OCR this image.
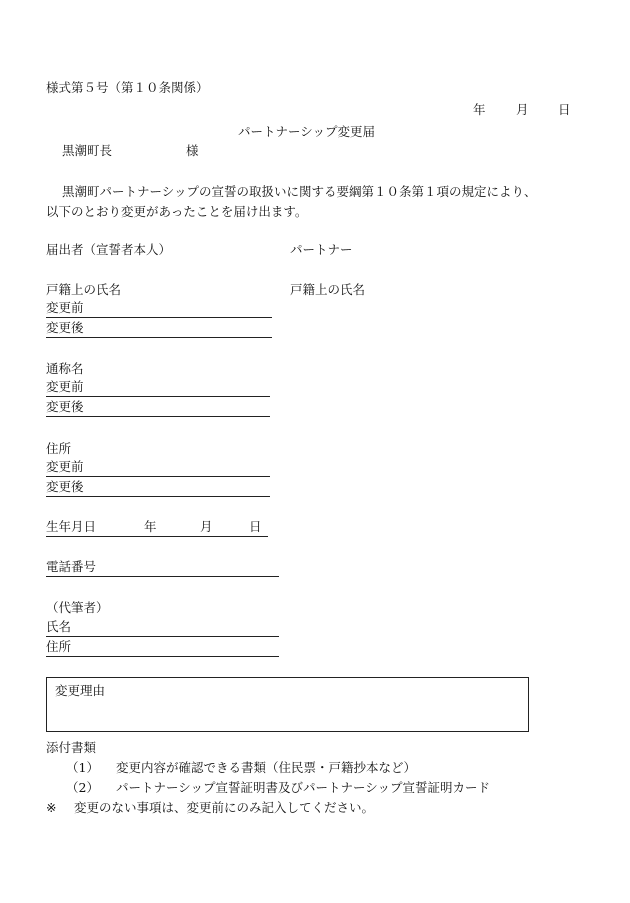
様式第５号（第１０条関係）
年 月 日
パートナーシップ変更届
黒潮町長	様
黒潮町パートナーシップの宣誓の取扱いに関する要綱第１０条第１項の規定により、
以下のとおり変更があったことを届け出ます。
届出者（宣誓者本人）	パートナー
戸籍上の氏名	戸籍上の氏名
変更前
変更後
通称名
変更前
変更後
住所
変更前
変更後
生年月日	年	月	日
電話番号
（代筆者）
氏名
住所
変更理由
添付書類
（1） 変更内容が確認できる書類（住民票・戸籍抄本など）
（2） パートナーシップ宣誓証明書及びパートナーシップ宣誓証明カード
※ 変更のない事項は、変更前にのみ記入してください。
